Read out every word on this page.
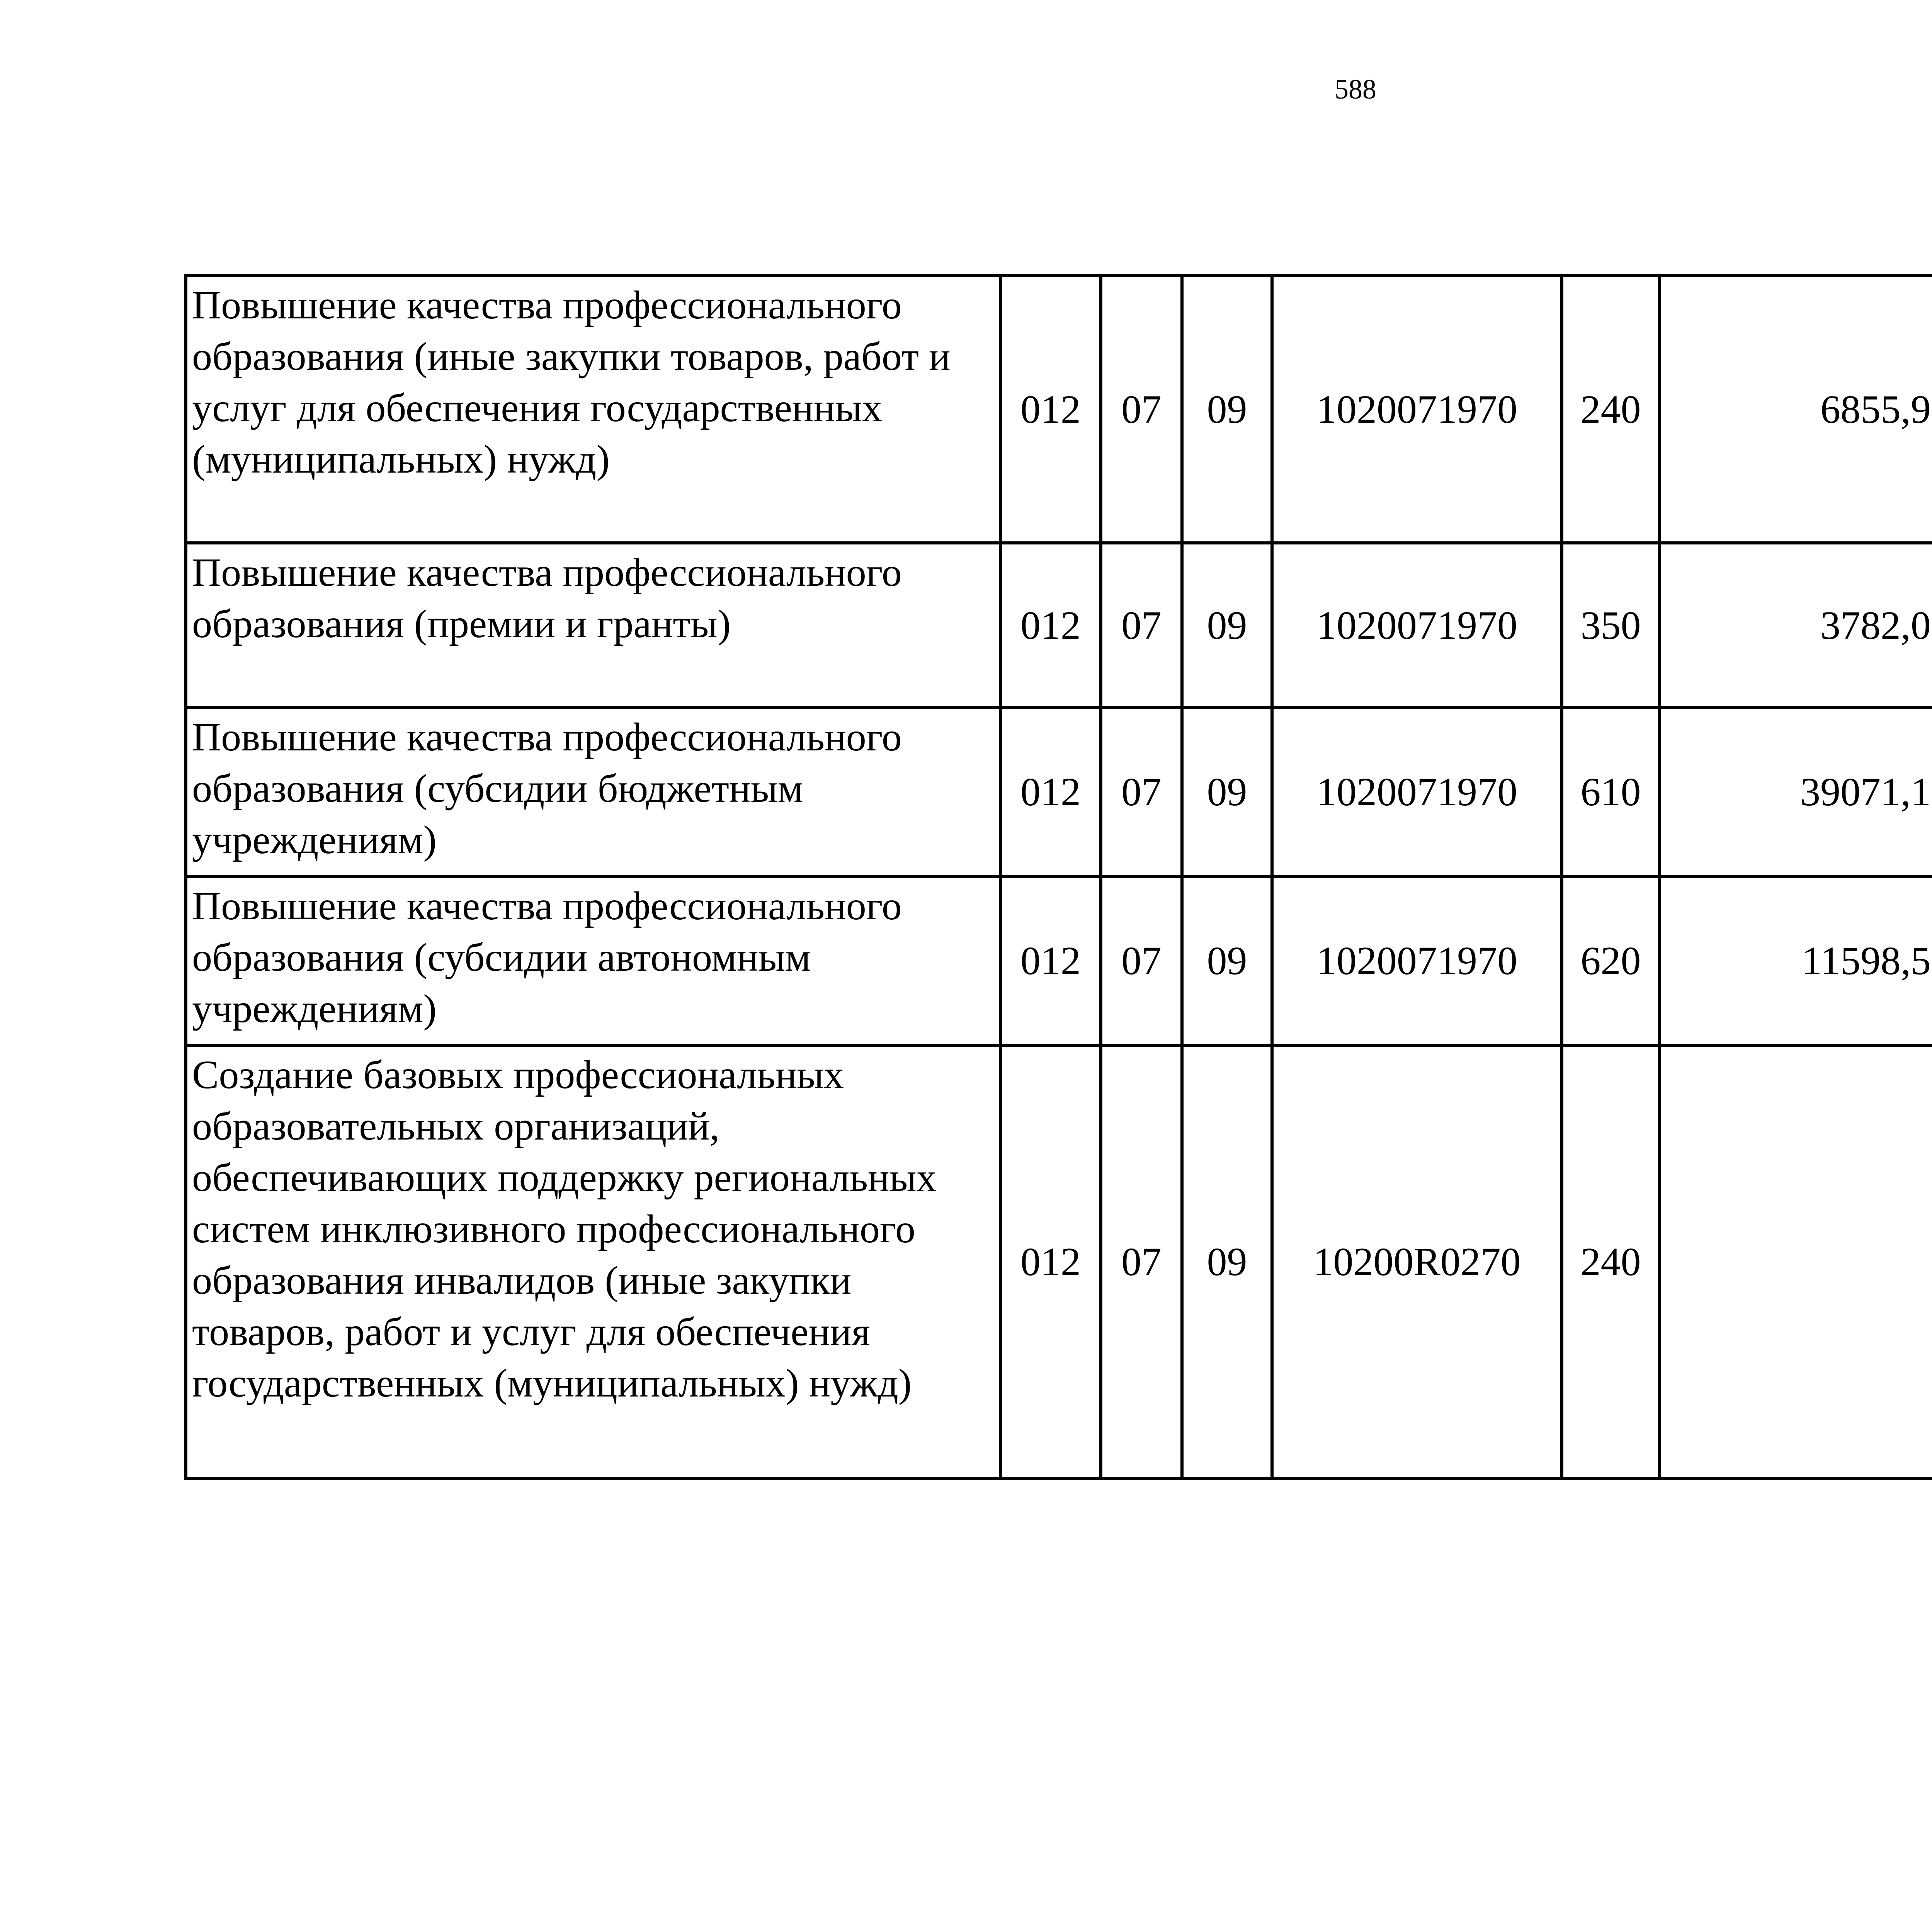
588
Повышение качества профессионального образования (иные закупки товаров, работ и услуг для обеспечения государственных (муниципальных) нужд)	012	07	09	1020071970	240	6855,9		
Повышение качества профессионального образования (премии и гранты)	012	07	09	1020071970	350	3782,0		
Повышение качества профессионального образования (субсидии бюджетным учреждениям)	012	07	09	1020071970	610	39071,1		
Повышение качества профессионального образования (субсидии автономным учреждениям)	012	07	09	1020071970	620	11598,5		
Создание базовых профессиональных образовательных организаций, обеспечивающих поддержку региональных систем инклюзивного профессионального образования инвалидов (иные закупки товаров, работ и услуг для обеспечения государственных (муниципальных) нужд)	012	07	09	10200R0270	240			
